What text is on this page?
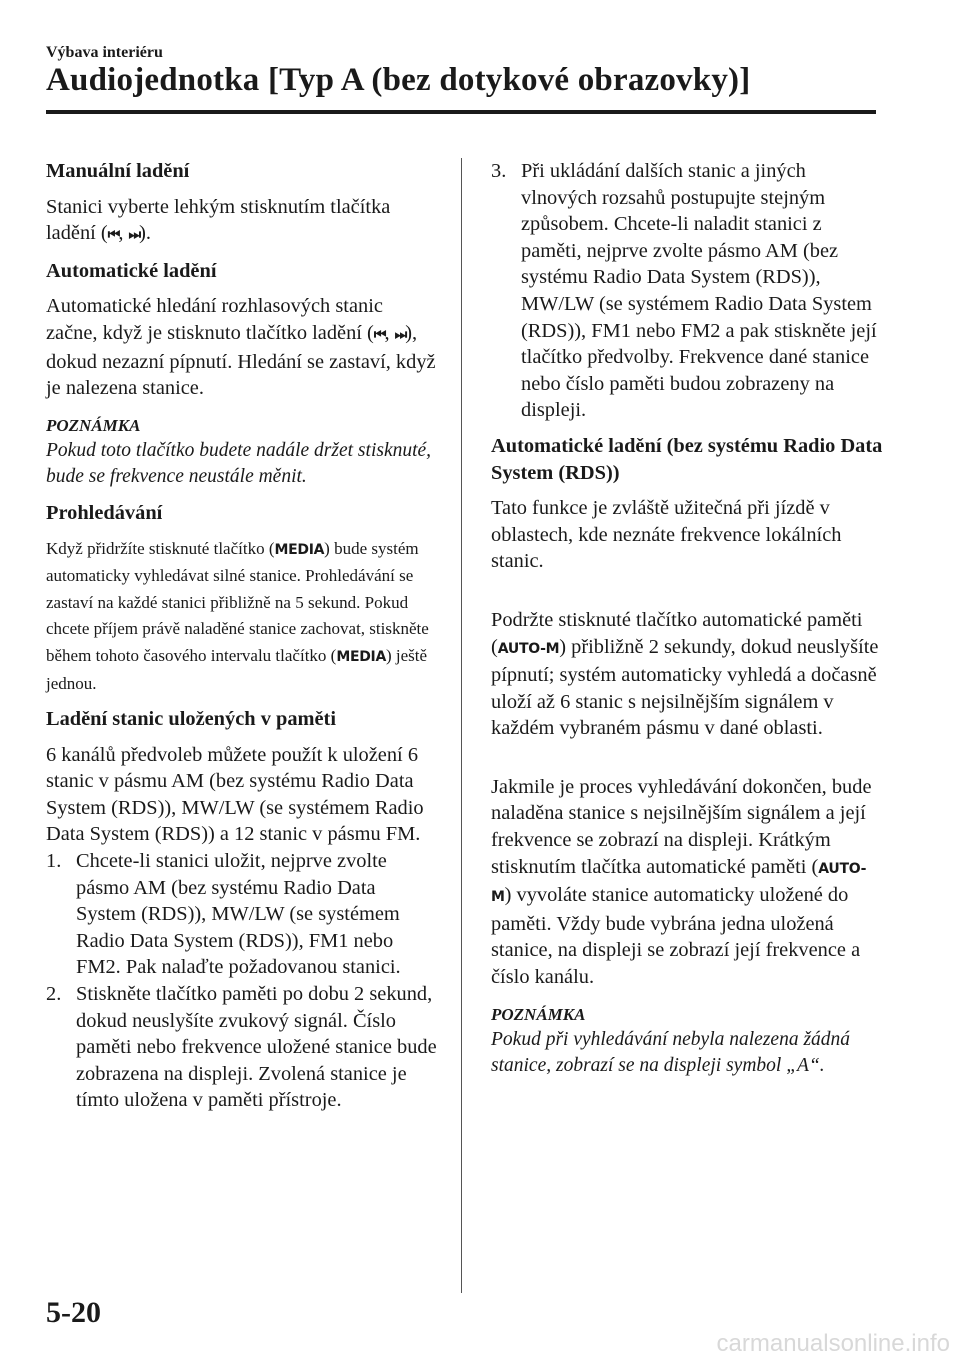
Výbava interiéru
Audiojednotka [Typ A (bez dotykové obrazovky)]
Manuální ladění

Stanici vyberte lehkým stisknutím tlačítka ladění (⏮, ⏭).

Automatické ladění

Automatické hledání rozhlasových stanic začne, když je stisknuto tlačítko ladění (⏮, ⏭), dokud nezazní pípnutí. Hledání se zastaví, když je nalezena stanice.

POZNÁMKA

Pokud toto tlačítko budete nadále držet stisknuté, bude se frekvence neustále měnit.

Prohledávání

Když přidržíte stisknuté tlačítko (MEDIA) bude systém automaticky vyhledávat silné stanice. Prohledávání se zastaví na každé stanici přibližně na 5 sekund. Pokud chcete příjem právě naladěné stanice zachovat, stiskněte během tohoto časového intervalu tlačítko (MEDIA) ještě jednou.

Ladění stanic uložených v paměti

6 kanálů předvoleb můžete použít k uložení 6 stanic v pásmu AM (bez systému Radio Data System (RDS)), MW/LW (se systémem Radio Data System (RDS)) a 12 stanic v pásmu FM.

1. Chcete-li stanici uložit, nejprve zvolte pásmo AM (bez systému Radio Data System (RDS)), MW/LW (se systémem Radio Data System (RDS)), FM1 nebo FM2. Pak nalaďte požadovanou stanici.
2. Stiskněte tlačítko paměti po dobu 2 sekund, dokud neuslyšíte zvukový signál. Číslo paměti nebo frekvence uložené stanice bude zobrazena na displeji. Zvolená stanice je tímto uložena v paměti přístroje.
3. Při ukládání dalších stanic a jiných vlnových rozsahů postupujte stejným způsobem. Chcete-li naladit stanici z paměti, nejprve zvolte pásmo AM (bez systému Radio Data System (RDS)), MW/LW (se systémem Radio Data System (RDS)), FM1 nebo FM2 a pak stiskněte její tlačítko předvolby. Frekvence dané stanice nebo číslo paměti budou zobrazeny na displeji.
Automatické ladění (bez systému Radio Data System (RDS))

Tato funkce je zvláště užitečná při jízdě v oblastech, kde neznáte frekvence lokálních stanic.

Podržte stisknuté tlačítko automatické paměti (AUTO-M) přibližně 2 sekundy, dokud neuslyšíte pípnutí; systém automaticky vyhledá a dočasně uloží až 6 stanic s nejsilnějším signálem v každém vybraném pásmu v dané oblasti.

Jakmile je proces vyhledávání dokončen, bude naladěna stanice s nejsilnějším signálem a její frekvence se zobrazí na displeji. Krátkým stisknutím tlačítka automatické paměti (AUTO-M) vyvoláte stanice automaticky uložené do paměti. Vždy bude vybrána jedna uložená stanice, na displeji se zobrazí její frekvence a číslo kanálu.

POZNÁMKA

Pokud při vyhledávání nebyla nalezena žádná stanice, zobrazí se na displeji symbol „A“.

5-20
carmanualsonline.info
